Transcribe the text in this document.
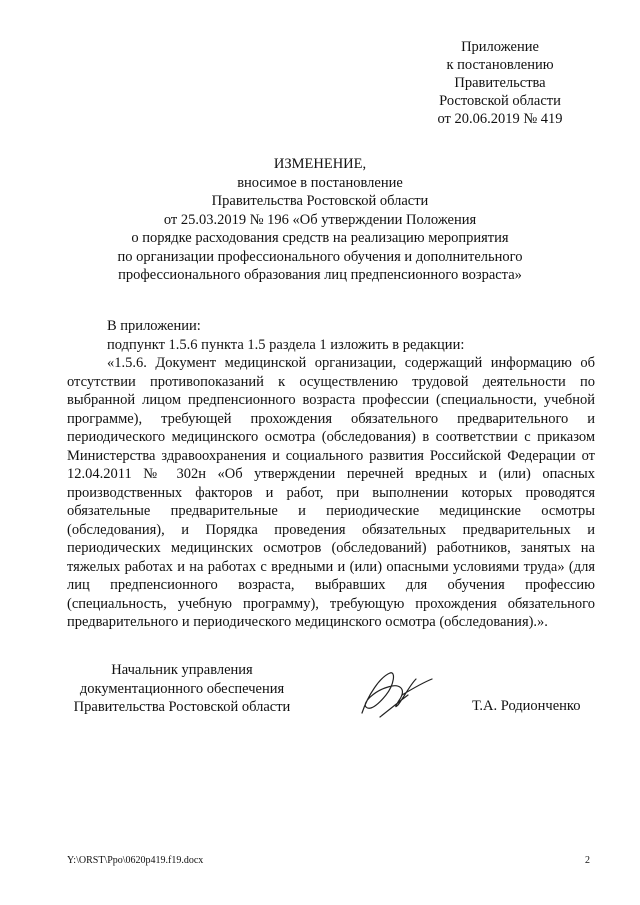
Приложение
к постановлению
Правительства
Ростовской области
от 20.06.2019 № 419
ИЗМЕНЕНИЕ,
вносимое в постановление
Правительства Ростовской области
от 25.03.2019 № 196 «Об утверждении Положения
о порядке расходования средств на реализацию мероприятия
по организации профессионального обучения и дополнительного
профессионального образования лиц предпенсионного возраста»
В приложении:
подпункт 1.5.6 пункта 1.5 раздела 1 изложить в редакции:

«1.5.6. Документ медицинской организации, содержащий информацию об отсутствии противопоказаний к осуществлению трудовой деятельности по выбранной лицом предпенсионного возраста профессии (специальности, учебной программе), требующей прохождения обязательного предварительного и периодического медицинского осмотра (обследования) в соответствии с приказом Министерства здравоохранения и социального развития Российской Федерации от 12.04.2011 № 302н «Об утверждении перечней вредных и (или) опасных производственных факторов и работ, при выполнении которых проводятся обязательные предварительные и периодические медицинские осмотры (обследования), и Порядка проведения обязательных предварительных и периодических медицинских осмотров (обследований) работников, занятых на тяжелых работах и на работах с вредными и (или) опасными условиями труда» (для лиц предпенсионного возраста, выбравших для обучения профессию (специальность, учебную программу), требующую прохождения обязательного предварительного и периодического медицинского осмотра (обследования).».

Начальник управления
документационного обеспечения
Правительства Ростовской области	Т.А. Родионченко
Y:\ORST\Ppo\0620p419.f19.docx	2
